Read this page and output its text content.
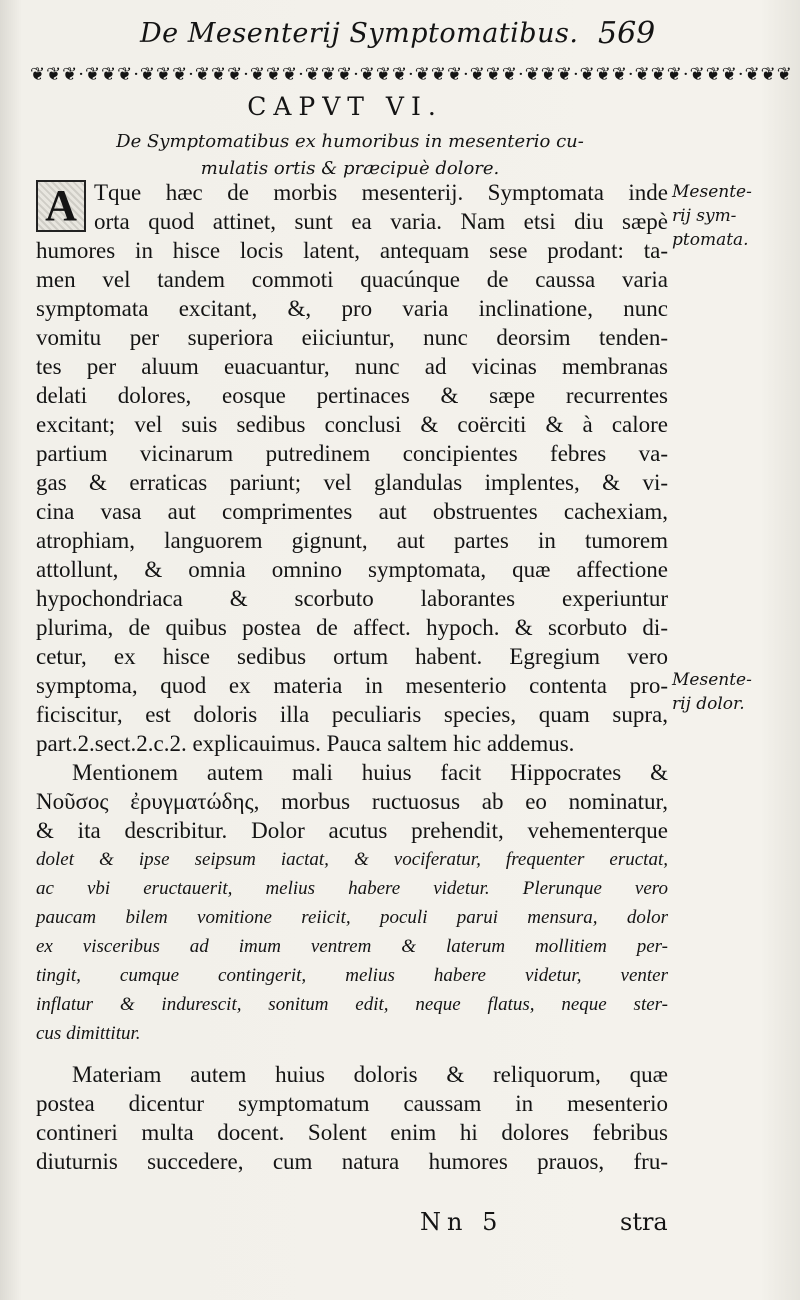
De Mesenterij Symptomatibus. 569
❦❦❦·❦❦❦·❦❦❦·❦❦❦·❦❦❦·❦❦❦·❦❦❦·❦❦❦·❦❦❦·❦❦❦·❦❦❦·❦❦❦·❦❦❦·❦❦❦
CAPVT VI.
De Symptomatibus ex humoribus in mesenterio cu-
mulatis ortis & præcipuè dolore.
A Tque hæc de morbis mesenterij. Symptomata inde
orta quod attinet, sunt ea varia. Nam etsi diu sæpè
humores in hisce locis latent, antequam sese prodant: ta-
men vel tandem commoti quacúnque de caussa varia
symptomata excitant, &, pro varia inclinatione, nunc
vomitu per superiora eiiciuntur, nunc deorsim tenden-
tes per aluum euacuantur, nunc ad vicinas membranas
delati dolores, eosque pertinaces & sæpe recurrentes
excitant; vel suis sedibus conclusi & coërciti & à calore
partium vicinarum putredinem concipientes febres va-
gas & erraticas pariunt; vel glandulas implentes, & vi-
cina vasa aut comprimentes aut obstruentes cachexiam,
atrophiam, languorem gignunt, aut partes in tumorem
attollunt, & omnia omnino symptomata, quæ affectione
hypochondriaca & scorbuto laborantes experiuntur
plurima, de quibus postea de affect. hypoch. & scorbuto di-
cetur, ex hisce sedibus ortum habent. Egregium vero
symptoma, quod ex materia in mesenterio contenta pro-
ficiscitur, est doloris illa peculiaris species, quam supra,
part.2.sect.2.c.2. explicauimus. Pauca saltem hic addemus.
Mentionem autem mali huius facit Hippocrates &
Νοῦσος ἐρυγματώδης, morbus ructuosus ab eo nominatur,
& ita describitur. Dolor acutus prehendit, vehementerque
dolet & ipse seipsum iactat, & vociferatur, frequenter eructat,
ac vbi eructauerit, melius habere videtur. Plerunque vero
paucam bilem vomitione reiicit, poculi parui mensura, dolor
ex visceribus ad imum ventrem & laterum mollitiem per-
tingit, cumque contingerit, melius habere videtur, venter
inflatur & indurescit, sonitum edit, neque flatus, neque ster-
cus dimittitur.
Materiam autem huius doloris & reliquorum, quæ
postea dicentur symptomatum caussam in mesenterio
contineri multa docent. Solent enim hi dolores febribus
diuturnis succedere, cum natura humores prauos, fru-
Mesente-
rij sym-
ptomata.
Mesente-
rij dolor.
Nn 5	stra
